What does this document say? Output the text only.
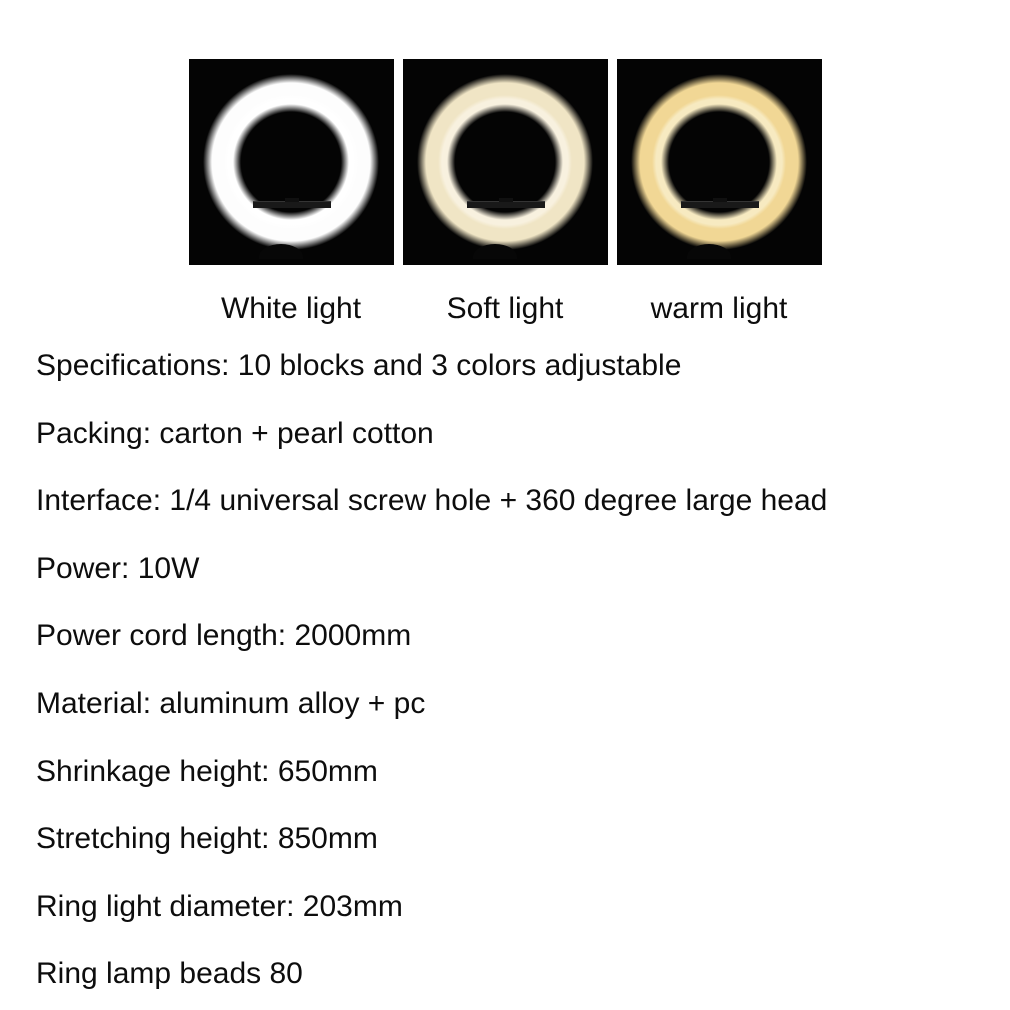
White light	Soft light	warm light
Specifications: 10 blocks and 3 colors adjustable
Packing: carton + pearl cotton
Interface: 1/4 universal screw hole + 360 degree large head
Power: 10W
Power cord length: 2000mm
Material: aluminum alloy + pc
Shrinkage height: 650mm
Stretching height: 850mm
Ring light diameter: 203mm
Ring lamp beads 80
